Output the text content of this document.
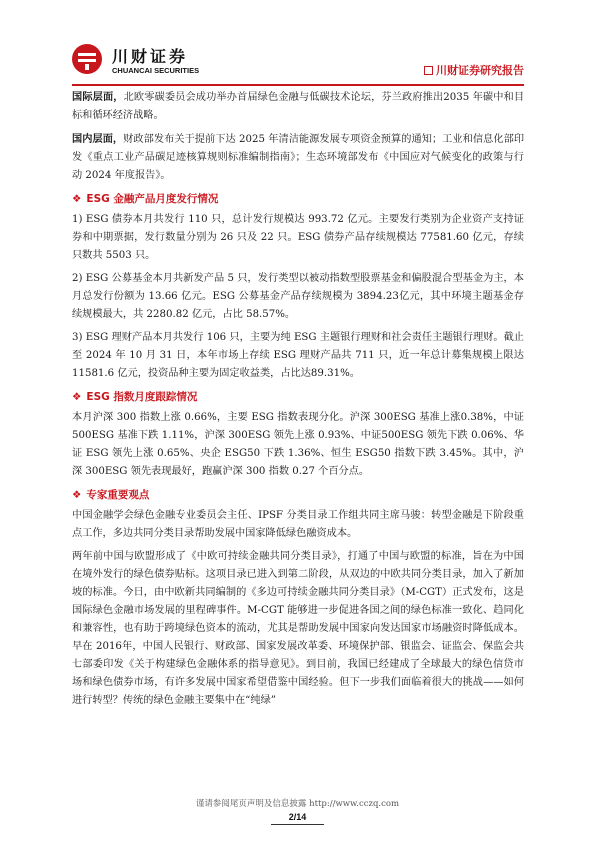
川财证券
CHUANCAI SECURITIES	川财证券研究报告

国际层面，北欧零碳委员会成功举办首届绿色金融与低碳技术论坛，芬兰政府推出2035 年碳中和目标和循环经济战略。

国内层面，财政部发布关于提前下达 2025 年清洁能源发展专项资金预算的通知；工业和信息化部印发《重点工业产品碳足迹核算规则标准编制指南》；生态环境部发布《中国应对气候变化的政策与行动 2024 年度报告》。

❖ ESG 金融产品月度发行情况

1) ESG 债券本月共发行 110 只，总计发行规模达 993.72 亿元。主要发行类别为企业资产支持证券和中期票据，发行数量分别为 26 只及 22 只。ESG 债券产品存续规模达 77581.60 亿元，存续只数共 5503 只。

2) ESG 公募基金本月共新发产品 5 只，发行类型以被动指数型股票基金和偏股混合型基金为主，本月总发行份额为 13.66 亿元。ESG 公募基金产品存续规模为 3894.23亿元，其中环境主题基金存续规模最大，共 2280.82 亿元，占比 58.57%。

3) ESG 理财产品本月共发行 106 只，主要为纯 ESG 主题银行理财和社会责任主题银行理财。截止至 2024 年 10 月 31 日，本年市场上存续 ESG 理财产品共 711 只，近一年总计募集规模上限达 11581.6 亿元，投资品种主要为固定收益类，占比达89.31%。

❖ ESG 指数月度跟踪情况

本月沪深 300 指数上涨 0.66%，主要 ESG 指数表现分化。沪深 300ESG 基准上涨0.38%，中证 500ESG 基准下跌 1.11%，沪深 300ESG 领先上涨 0.93%、中证500ESG 领先下跌 0.06%、华证 ESG 领先上涨 0.65%、央企 ESG50 下跌 1.36%、恒生 ESG50 指数下跌 3.45%。其中，沪深 300ESG 领先表现最好，跑赢沪深 300 指数 0.27 个百分点。

❖ 专家重要观点

中国金融学会绿色金融专业委员会主任、IPSF 分类目录工作组共同主席马骏：转型金融是下阶段重点工作，多边共同分类目录帮助发展中国家降低绿色融资成本。

两年前中国与欧盟形成了《中欧可持续金融共同分类目录》，打通了中国与欧盟的标准，旨在为中国在境外发行的绿色债券贴标。这项目录已进入到第二阶段，从双边的中欧共同分类目录，加入了新加坡的标准。今日，由中欧新共同编制的《多边可持续金融共同分类目录》（M-CGT）正式发布，这是国际绿色金融市场发展的里程碑事件。M-CGT 能够进一步促进各国之间的绿色标准一致化、趋同化和兼容性，也有助于跨境绿色资本的流动，尤其是帮助发展中国家向发达国家市场融资时降低成本。早在 2016年，中国人民银行、财政部、国家发展改革委、环境保护部、银监会、证监会、保监会共七部委印发《关于构建绿色金融体系的指导意见》。到目前，我国已经建成了全球最大的绿色信贷市场和绿色债券市场，有许多发展中国家希望借鉴中国经验。但下一步我们面临着很大的挑战——如何进行转型？传统的绿色金融主要集中在“纯绿”

谨请参阅尾页声明及信息披露 http://www.cczq.com
2/14
